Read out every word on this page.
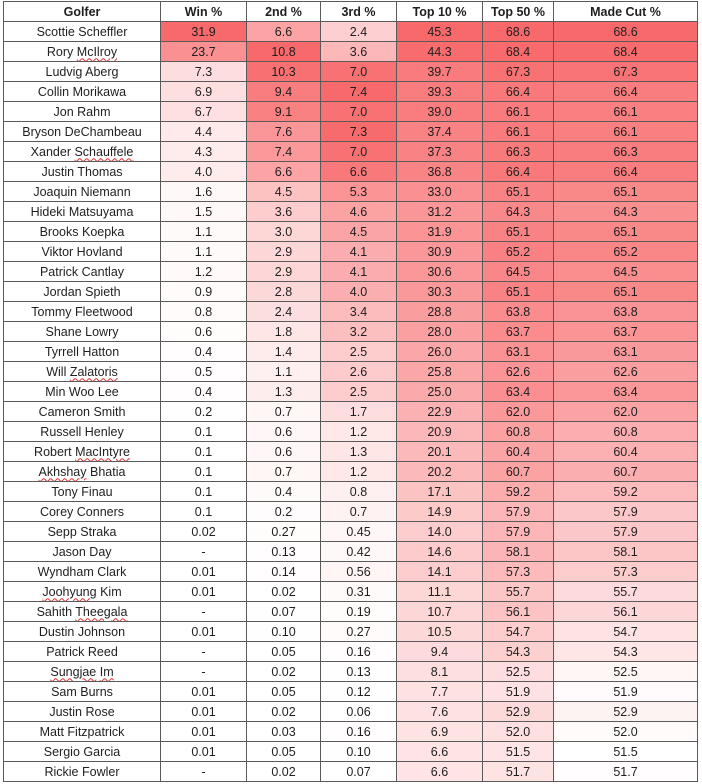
Golfer	Win %	2nd %	3rd %	Top 10 %	Top 50 %	Made Cut %
Scottie Scheffler	31.9	6.6	2.4	45.3	68.6	68.6
Rory McIlroy	23.7	10.8	3.6	44.3	68.4	68.4
Ludvig Aberg	7.3	10.3	7.0	39.7	67.3	67.3
Collin Morikawa	6.9	9.4	7.4	39.3	66.4	66.4
Jon Rahm	6.7	9.1	7.0	39.0	66.1	66.1
Bryson DeChambeau	4.4	7.6	7.3	37.4	66.1	66.1
Xander Schauffele	4.3	7.4	7.0	37.3	66.3	66.3
Justin Thomas	4.0	6.6	6.6	36.8	66.4	66.4
Joaquin Niemann	1.6	4.5	5.3	33.0	65.1	65.1
Hideki Matsuyama	1.5	3.6	4.6	31.2	64.3	64.3
Brooks Koepka	1.1	3.0	4.5	31.9	65.1	65.1
Viktor Hovland	1.1	2.9	4.1	30.9	65.2	65.2
Patrick Cantlay	1.2	2.9	4.1	30.6	64.5	64.5
Jordan Spieth	0.9	2.8	4.0	30.3	65.1	65.1
Tommy Fleetwood	0.8	2.4	3.4	28.8	63.8	63.8
Shane Lowry	0.6	1.8	3.2	28.0	63.7	63.7
Tyrrell Hatton	0.4	1.4	2.5	26.0	63.1	63.1
Will Zalatoris	0.5	1.1	2.6	25.8	62.6	62.6
Min Woo Lee	0.4	1.3	2.5	25.0	63.4	63.4
Cameron Smith	0.2	0.7	1.7	22.9	62.0	62.0
Russell Henley	0.1	0.6	1.2	20.9	60.8	60.8
Robert MacIntyre	0.1	0.6	1.3	20.1	60.4	60.4
Akhshay Bhatia	0.1	0.7	1.2	20.2	60.7	60.7
Tony Finau	0.1	0.4	0.8	17.1	59.2	59.2
Corey Conners	0.1	0.2	0.7	14.9	57.9	57.9
Sepp Straka	0.02	0.27	0.45	14.0	57.9	57.9
Jason Day	-	0.13	0.42	14.6	58.1	58.1
Wyndham Clark	0.01	0.14	0.56	14.1	57.3	57.3
Joohyung Kim	0.01	0.02	0.31	11.1	55.7	55.7
Sahith Theegala	-	0.07	0.19	10.7	56.1	56.1
Dustin Johnson	0.01	0.10	0.27	10.5	54.7	54.7
Patrick Reed	-	0.05	0.16	9.4	54.3	54.3
Sungjae Im	-	0.02	0.13	8.1	52.5	52.5
Sam Burns	0.01	0.05	0.12	7.7	51.9	51.9
Justin Rose	0.01	0.02	0.06	7.6	52.9	52.9
Matt Fitzpatrick	0.01	0.03	0.16	6.9	52.0	52.0
Sergio Garcia	0.01	0.05	0.10	6.6	51.5	51.5
Rickie Fowler	-	0.02	0.07	6.6	51.7	51.7
